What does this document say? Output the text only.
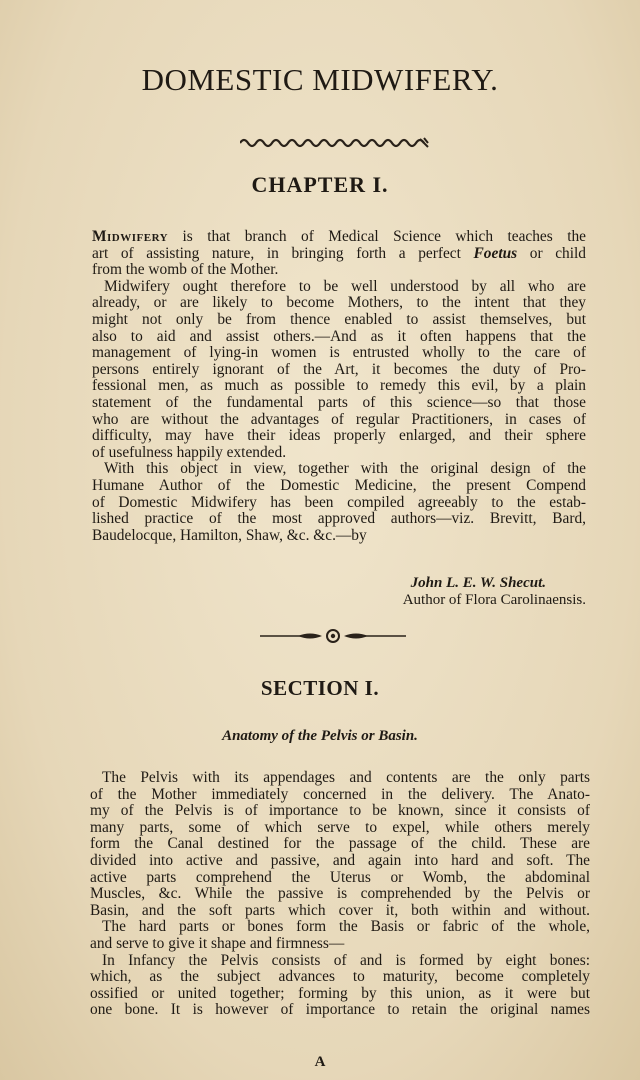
DOMESTIC MIDWIFERY.
CHAPTER I.
Midwifery is that branch of Medical Science which teaches the
art of assisting nature, in bringing forth a perfect Foetus or child
from the womb of the Mother.
Midwifery ought therefore to be well understood by all who are
already, or are likely to become Mothers, to the intent that they
might not only be from thence enabled to assist themselves, but
also to aid and assist others.—And as it often happens that the
management of lying-in women is entrusted wholly to the care of
persons entirely ignorant of the Art, it becomes the duty of Pro-
fessional men, as much as possible to remedy this evil, by a plain
statement of the fundamental parts of this science—so that those
who are without the advantages of regular Practitioners, in cases of
difficulty, may have their ideas properly enlarged, and their sphere
of usefulness happily extended.
With this object in view, together with the original design of the
Humane Author of the Domestic Medicine, the present Compend
of Domestic Midwifery has been compiled agreeably to the estab-
lished practice of the most approved authors—viz. Brevitt, Bard,
Baudelocque, Hamilton, Shaw, &c. &c.—by
John L. E. W. Shecut.
Author of Flora Carolinaensis.
SECTION I.
Anatomy of the Pelvis or Basin.
The Pelvis with its appendages and contents are the only parts
of the Mother immediately concerned in the delivery. The Anato-
my of the Pelvis is of importance to be known, since it consists of
many parts, some of which serve to expel, while others merely
form the Canal destined for the passage of the child. These are
divided into active and passive, and again into hard and soft. The
active parts comprehend the Uterus or Womb, the abdominal
Muscles, &c. While the passive is comprehended by the Pelvis or
Basin, and the soft parts which cover it, both within and without.
The hard parts or bones form the Basis or fabric of the whole,
and serve to give it shape and firmness—
In Infancy the Pelvis consists of and is formed by eight bones:
which, as the subject advances to maturity, become completely
ossified or united together; forming by this union, as it were but
one bone. It is however of importance to retain the original names
A
